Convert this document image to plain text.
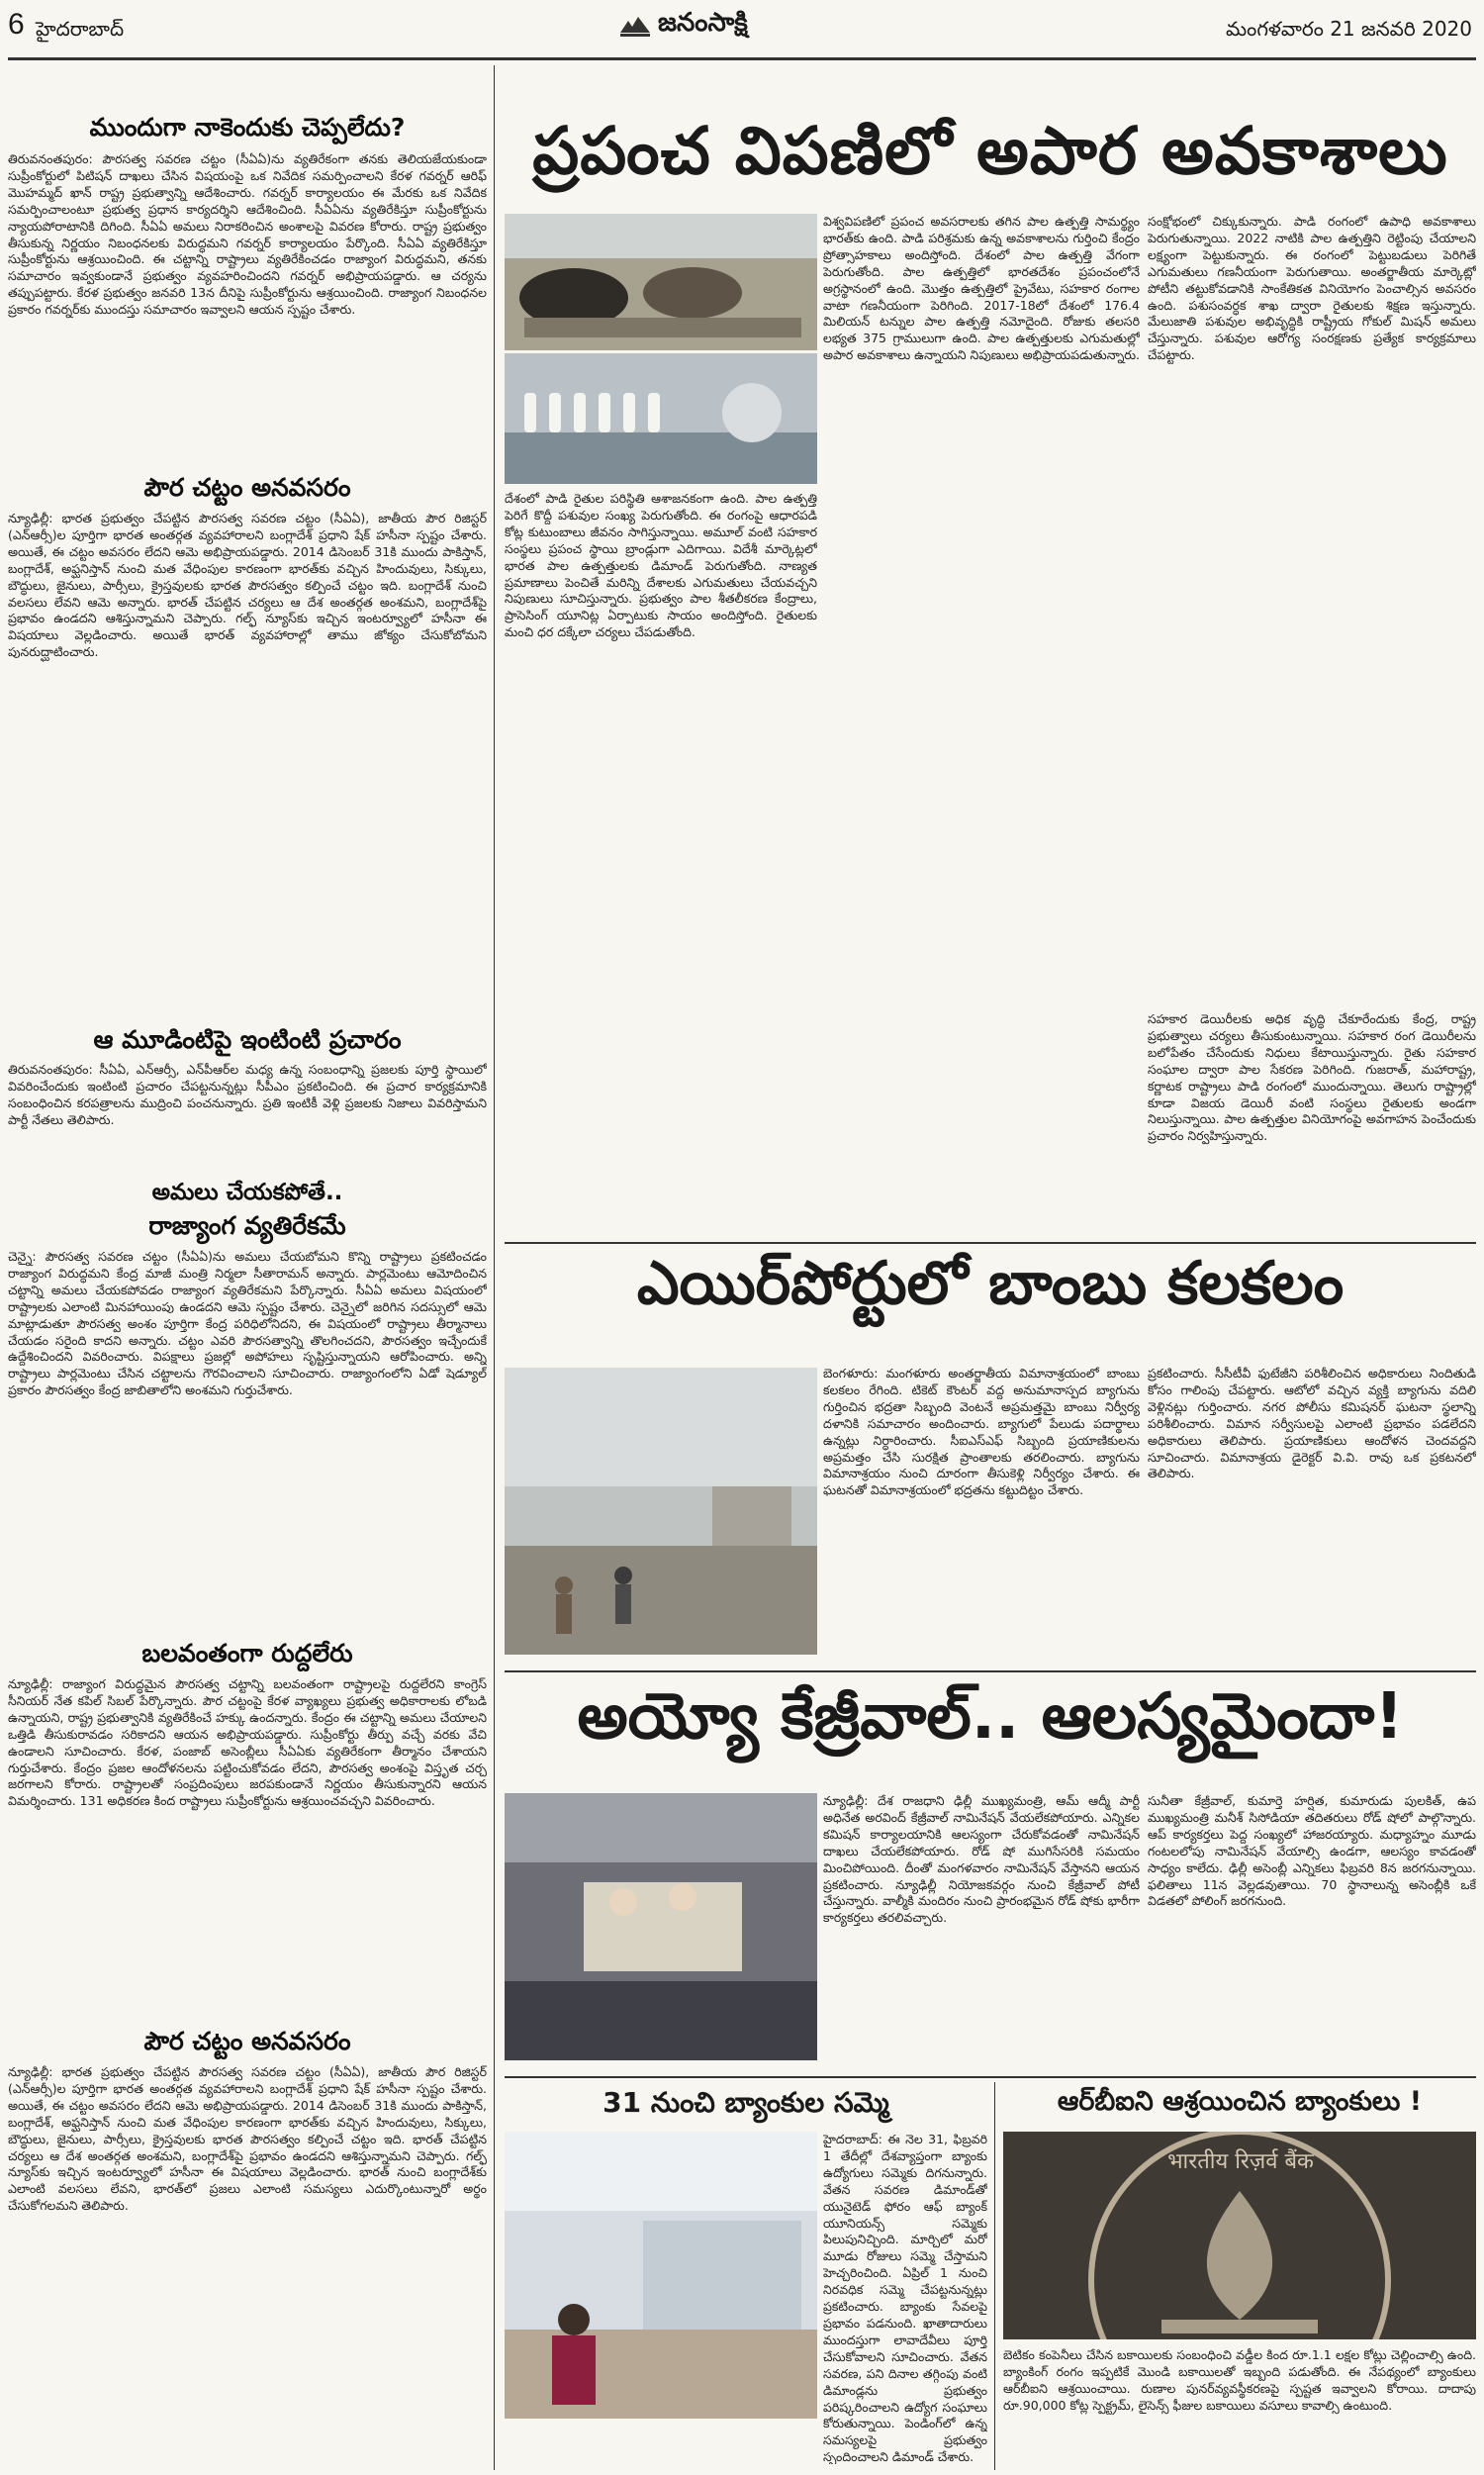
6 హైదరాబాద్	జనంసాక్షి	మంగళవారం 21 జనవరి 2020
ముందుగా నాకెందుకు చెప్పలేదు?
తిరువనంతపురం: పౌరసత్వ సవరణ చట్టం (సీఏఏ)ను వ్యతిరేకంగా తనకు తెలియజేయకుండా సుప్రీంకోర్టులో పిటిషన్ దాఖలు చేసిన విషయంపై ఒక నివేదిక సమర్పించాలని కేరళ గవర్నర్ ఆరిఫ్ మొహమ్మద్ ఖాన్ రాష్ట్ర ప్రభుత్వాన్ని ఆదేశించారు. గవర్నర్ కార్యాలయం ఈ మేరకు ఒక నివేదిక సమర్పించాలంటూ ప్రభుత్వ ప్రధాన కార్యదర్శిని ఆదేశించింది. సీఏఏను వ్యతిరేకిస్తూ సుప్రీంకోర్టును న్యాయపోరాటానికి దిగింది. సీఏఏ అమలు నిరాకరించిన అంశాలపై వివరణ కోరారు. రాష్ట్ర ప్రభుత్వం తీసుకున్న నిర్ణయం నిబంధనలకు విరుద్ధమని గవర్నర్ కార్యాలయం పేర్కొంది. సీఏఏ వ్యతిరేకిస్తూ సుప్రీంకోర్టును ఆశ్రయించింది. ఈ చట్టాన్ని రాష్ట్రాలు వ్యతిరేకించడం రాజ్యాంగ విరుద్ధమని, తనకు సమాచారం ఇవ్వకుండానే ప్రభుత్వం వ్యవహరించిందని గవర్నర్ అభిప్రాయపడ్డారు. ఆ చర్యను తప్పుపట్టారు. కేరళ ప్రభుత్వం జనవరి 13న దీనిపై సుప్రీంకోర్టును ఆశ్రయించింది. రాజ్యాంగ నిబంధనల ప్రకారం గవర్నర్‌కు ముందస్తు సమాచారం ఇవ్వాలని ఆయన స్పష్టం చేశారు.
పౌర చట్టం అనవసరం
న్యూఢిల్లీ: భారత ప్రభుత్వం చేపట్టిన పౌరసత్వ సవరణ చట్టం (సీఏఏ), జాతీయ పౌర రిజిస్టర్ (ఎన్ఆర్సీ)ల పూర్తిగా భారత అంతర్గత వ్యవహారాలని బంగ్లాదేశ్ ప్రధాని షేక్ హసీనా స్పష్టం చేశారు. అయితే, ఈ చట్టం అవసరం లేదని ఆమె అభిప్రాయపడ్డారు. 2014 డిసెంబర్ 31కి ముందు పాకిస్తాన్, బంగ్లాదేశ్, అఫ్ఘనిస్తాన్ నుంచి మత వేధింపుల కారణంగా భారత్‌కు వచ్చిన హిందువులు, సిక్కులు, బౌద్ధులు, జైనులు, పార్సీలు, క్రైస్తవులకు భారత పౌరసత్వం కల్పించే చట్టం ఇది. బంగ్లాదేశ్ నుంచి వలసలు లేవని ఆమె అన్నారు. భారత్ చేపట్టిన చర్యలు ఆ దేశ అంతర్గత అంశమని, బంగ్లాదేశ్‌పై ప్రభావం ఉండదని ఆశిస్తున్నామని చెప్పారు. గల్ఫ్ న్యూస్‌కు ఇచ్చిన ఇంటర్వ్యూలో హసీనా ఈ విషయాలు వెల్లడించారు. అయితే భారత్ వ్యవహారాల్లో తాము జోక్యం చేసుకోబోమని పునరుద్ఘాటించారు.
ఆ మూడింటిపై ఇంటింటి ప్రచారం
తిరువనంతపురం: సీఏఏ, ఎన్ఆర్సీ, ఎన్‌పీఆర్‌ల మధ్య ఉన్న సంబంధాన్ని ప్రజలకు పూర్తి స్థాయిలో వివరించేందుకు ఇంటింటి ప్రచారం చేపట్టనున్నట్లు సీపీఎం ప్రకటించింది. ఈ ప్రచార కార్యక్రమానికి సంబంధించిన కరపత్రాలను ముద్రించి పంచనున్నారు. ప్రతి ఇంటికీ వెళ్లి ప్రజలకు నిజాలు వివరిస్తామని పార్టీ నేతలు తెలిపారు.
అమలు చేయకపోతే..
రాజ్యాంగ వ్యతిరేకమే
చెన్నై: పౌరసత్వ సవరణ చట్టం (సీఏఏ)ను అమలు చేయబోమని కొన్ని రాష్ట్రాలు ప్రకటించడం రాజ్యాంగ విరుద్ధమని కేంద్ర మాజీ మంత్రి నిర్మలా సీతారామన్ అన్నారు. పార్లమెంటు ఆమోదించిన చట్టాన్ని అమలు చేయకపోవడం రాజ్యాంగ వ్యతిరేకమని పేర్కొన్నారు. సీఏఏ అమలు విషయంలో రాష్ట్రాలకు ఎలాంటి మినహాయింపు ఉండదని ఆమె స్పష్టం చేశారు. చెన్నైలో జరిగిన సదస్సులో ఆమె మాట్లాడుతూ పౌరసత్వ అంశం పూర్తిగా కేంద్ర పరిధిలోనిదని, ఈ విషయంలో రాష్ట్రాలు తీర్మానాలు చేయడం సరైంది కాదని అన్నారు. చట్టం ఎవరి పౌరసత్వాన్ని తొలగించదని, పౌరసత్వం ఇచ్చేందుకే ఉద్దేశించిందని వివరించారు. విపక్షాలు ప్రజల్లో అపోహలు సృష్టిస్తున్నాయని ఆరోపించారు. అన్ని రాష్ట్రాలు పార్లమెంటు చేసిన చట్టాలను గౌరవించాలని సూచించారు. రాజ్యాంగంలోని ఏడో షెడ్యూల్ ప్రకారం పౌరసత్వం కేంద్ర జాబితాలోని అంశమని గుర్తుచేశారు.
బలవంతంగా రుద్దలేరు
న్యూఢిల్లీ: రాజ్యాంగ విరుద్ధమైన పౌరసత్వ చట్టాన్ని బలవంతంగా రాష్ట్రాలపై రుద్దలేరని కాంగ్రెస్ సీనియర్ నేత కపిల్ సిబల్ పేర్కొన్నారు. పౌర చట్టంపై కేరళ వ్యాఖ్యలు ప్రభుత్వ అధికారాలకు లోబడి ఉన్నాయని, రాష్ట్ర ప్రభుత్వానికి వ్యతిరేకించే హక్కు ఉందన్నారు. కేంద్రం ఈ చట్టాన్ని అమలు చేయాలని ఒత్తిడి తీసుకురావడం సరికాదని ఆయన అభిప్రాయపడ్డారు. సుప్రీంకోర్టు తీర్పు వచ్చే వరకు వేచి ఉండాలని సూచించారు. కేరళ, పంజాబ్ అసెంబ్లీలు సీఏఏకు వ్యతిరేకంగా తీర్మానం చేశాయని గుర్తుచేశారు. కేంద్రం ప్రజల ఆందోళనలను పట్టించుకోవడం లేదని, పౌరసత్వ అంశంపై విస్తృత చర్చ జరగాలని కోరారు. రాష్ట్రాలతో సంప్రదింపులు జరపకుండానే నిర్ణయం తీసుకున్నారని ఆయన విమర్శించారు. 131 అధికరణ కింద రాష్ట్రాలు సుప్రీంకోర్టును ఆశ్రయించవచ్చని వివరించారు.
పౌర చట్టం అనవసరం
న్యూఢిల్లీ: భారత ప్రభుత్వం చేపట్టిన పౌరసత్వ సవరణ చట్టం (సీఏఏ), జాతీయ పౌర రిజిస్టర్ (ఎన్ఆర్సీ)ల పూర్తిగా భారత అంతర్గత వ్యవహారాలని బంగ్లాదేశ్ ప్రధాని షేక్ హసీనా స్పష్టం చేశారు. అయితే, ఈ చట్టం అవసరం లేదని ఆమె అభిప్రాయపడ్డారు. 2014 డిసెంబర్ 31కి ముందు పాకిస్తాన్, బంగ్లాదేశ్, అఫ్ఘనిస్తాన్ నుంచి మత వేధింపుల కారణంగా భారత్‌కు వచ్చిన హిందువులు, సిక్కులు, బౌద్ధులు, జైనులు, పార్సీలు, క్రైస్తవులకు భారత పౌరసత్వం కల్పించే చట్టం ఇది. భారత్ చేపట్టిన చర్యలు ఆ దేశ అంతర్గత అంశమని, బంగ్లాదేశ్‌పై ప్రభావం ఉండదని ఆశిస్తున్నామని చెప్పారు. గల్ఫ్ న్యూస్‌కు ఇచ్చిన ఇంటర్వ్యూలో హసీనా ఈ విషయాలు వెల్లడించారు. భారత్ నుంచి బంగ్లాదేశ్‌కు ఎలాంటి వలసలు లేవని, భారత్‌లో ప్రజలు ఎలాంటి సమస్యలు ఎదుర్కొంటున్నారో అర్థం చేసుకోగలమని తెలిపారు.
ప్రపంచ విపణిలో అపార అవకాశాలు
విశ్వవిపణిలో ప్రపంచ అవసరాలకు తగిన పాల ఉత్పత్తి సామర్థ్యం భారత్‌కు ఉంది. పాడి పరిశ్రమకు ఉన్న అవకాశాలను గుర్తించి కేంద్రం ప్రోత్సాహకాలు అందిస్తోంది. దేశంలో పాల ఉత్పత్తి వేగంగా పెరుగుతోంది. పాల ఉత్పత్తిలో భారతదేశం ప్రపంచంలోనే అగ్రస్థానంలో ఉంది. మొత్తం ఉత్పత్తిలో ప్రైవేటు, సహకార రంగాల వాటా గణనీయంగా పెరిగింది. 2017-18లో దేశంలో 176.4 మిలియన్ టన్నుల పాల ఉత్పత్తి నమోదైంది. రోజుకు తలసరి లభ్యత 375 గ్రాములుగా ఉంది. పాల ఉత్పత్తులకు ఎగుమతుల్లో అపార అవకాశాలు ఉన్నాయని నిపుణులు అభిప్రాయపడుతున్నారు.
దేశంలో పాడి రైతుల పరిస్థితి ఆశాజనకంగా ఉంది. పాల ఉత్పత్తి పెరిగే కొద్దీ పశువుల సంఖ్య పెరుగుతోంది. ఈ రంగంపై ఆధారపడి కోట్ల కుటుంబాలు జీవనం సాగిస్తున్నాయి. అమూల్ వంటి సహకార సంస్థలు ప్రపంచ స్థాయి బ్రాండ్లుగా ఎదిగాయి. విదేశీ మార్కెట్లలో భారత పాల ఉత్పత్తులకు డిమాండ్ పెరుగుతోంది. నాణ్యత ప్రమాణాలు పెంచితే మరిన్ని దేశాలకు ఎగుమతులు చేయవచ్చని నిపుణులు సూచిస్తున్నారు. ప్రభుత్వం పాల శీతలీకరణ కేంద్రాలు, ప్రాసెసింగ్ యూనిట్ల ఏర్పాటుకు సాయం అందిస్తోంది. రైతులకు మంచి ధర దక్కేలా చర్యలు చేపడుతోంది.
సంక్షోభంలో చిక్కుకున్నారు. పాడి రంగంలో ఉపాధి అవకాశాలు పెరుగుతున్నాయి. 2022 నాటికి పాల ఉత్పత్తిని రెట్టింపు చేయాలని లక్ష్యంగా పెట్టుకున్నారు. ఈ రంగంలో పెట్టుబడులు పెరిగితే ఎగుమతులు గణనీయంగా పెరుగుతాయి. అంతర్జాతీయ మార్కెట్లో పోటీని తట్టుకోవడానికి సాంకేతికత వినియోగం పెంచాల్సిన అవసరం ఉంది. పశుసంవర్ధక శాఖ ద్వారా రైతులకు శిక్షణ ఇస్తున్నారు. మేలుజాతి పశువుల అభివృద్ధికి రాష్ట్రీయ గోకుల్ మిషన్ అమలు చేస్తున్నారు. పశువుల ఆరోగ్య సంరక్షణకు ప్రత్యేక కార్యక్రమాలు చేపట్టారు.
సహకార డెయిరీలకు అధిక వృద్ధి చేకూరేందుకు కేంద్ర, రాష్ట్ర ప్రభుత్వాలు చర్యలు తీసుకుంటున్నాయి. సహకార రంగ డెయిరీలను బలోపేతం చేసేందుకు నిధులు కేటాయిస్తున్నారు. రైతు సహకార సంఘాల ద్వారా పాల సేకరణ పెరిగింది. గుజరాత్, మహారాష్ట్ర, కర్ణాటక రాష్ట్రాలు పాడి రంగంలో ముందున్నాయి. తెలుగు రాష్ట్రాల్లో కూడా విజయ డెయిరీ వంటి సంస్థలు రైతులకు అండగా నిలుస్తున్నాయి. పాల ఉత్పత్తుల వినియోగంపై అవగాహన పెంచేందుకు ప్రచారం నిర్వహిస్తున్నారు.
ఎయిర్‌పోర్టులో బాంబు కలకలం
బెంగళూరు: మంగళూరు అంతర్జాతీయ విమానాశ్రయంలో బాంబు కలకలం రేగింది. టికెట్ కౌంటర్ వద్ద అనుమానాస్పద బ్యాగును గుర్తించిన భద్రతా సిబ్బంది వెంటనే అప్రమత్తమై బాంబు నిర్వీర్య దళానికి సమాచారం అందించారు. బ్యాగులో పేలుడు పదార్థాలు ఉన్నట్లు నిర్ధారించారు. సీఐఎస్ఎఫ్ సిబ్బంది ప్రయాణికులను అప్రమత్తం చేసి సురక్షిత ప్రాంతాలకు తరలించారు. బ్యాగును విమానాశ్రయం నుంచి దూరంగా తీసుకెళ్లి నిర్వీర్యం చేశారు. ఈ ఘటనతో విమానాశ్రయంలో భద్రతను కట్టుదిట్టం చేశారు.
ప్రకటించారు. సీసీటీవీ ఫుటేజీని పరిశీలించిన అధికారులు నిందితుడి కోసం గాలింపు చేపట్టారు. ఆటోలో వచ్చిన వ్యక్తి బ్యాగును వదిలి వెళ్లినట్లు గుర్తించారు. నగర పోలీసు కమిషనర్ ఘటనా స్థలాన్ని పరిశీలించారు. విమాన సర్వీసులపై ఎలాంటి ప్రభావం పడలేదని అధికారులు తెలిపారు. ప్రయాణికులు ఆందోళన చెందవద్దని సూచించారు. విమానాశ్రయ డైరెక్టర్ వి.వి. రావు ఒక ప్రకటనలో తెలిపారు.
అయ్యో కేజ్రీవాల్.. ఆలస్యమైందా!
న్యూఢిల్లీ: దేశ రాజధాని ఢిల్లీ ముఖ్యమంత్రి, ఆమ్ ఆద్మీ పార్టీ అధినేత అరవింద్ కేజ్రీవాల్ నామినేషన్ వేయలేకపోయారు. ఎన్నికల కమిషన్ కార్యాలయానికి ఆలస్యంగా చేరుకోవడంతో నామినేషన్ దాఖలు చేయలేకపోయారు. రోడ్ షో ముగిసేసరికి సమయం మించిపోయింది. దీంతో మంగళవారం నామినేషన్ వేస్తానని ఆయన ప్రకటించారు. న్యూఢిల్లీ నియోజకవర్గం నుంచి కేజ్రీవాల్ పోటీ చేస్తున్నారు. వాల్మీకి మందిరం నుంచి ప్రారంభమైన రోడ్ షోకు భారీగా కార్యకర్తలు తరలివచ్చారు.
సునీతా కేజ్రీవాల్, కుమార్తె హర్షిత, కుమారుడు పులకిత్, ఉప ముఖ్యమంత్రి మనీశ్ సిసోడియా తదితరులు రోడ్ షోలో పాల్గొన్నారు. ఆప్ కార్యకర్తలు పెద్ద సంఖ్యలో హాజరయ్యారు. మధ్యాహ్నం మూడు గంటలలోపు నామినేషన్ వేయాల్సి ఉండగా, ఆలస్యం కావడంతో సాధ్యం కాలేదు. ఢిల్లీ అసెంబ్లీ ఎన్నికలు ఫిబ్రవరి 8న జరగనున్నాయి. ఫలితాలు 11న వెల్లడవుతాయి. 70 స్థానాలున్న అసెంబ్లీకి ఒకే విడతలో పోలింగ్ జరగనుంది.
31 నుంచి బ్యాంకుల సమ్మె
హైదరాబాద్: ఈ నెల 31, ఫిబ్రవరి 1 తేదీల్లో దేశవ్యాప్తంగా బ్యాంకు ఉద్యోగులు సమ్మెకు దిగనున్నారు. వేతన సవరణ డిమాండ్‌తో యునైటెడ్ ఫోరం ఆఫ్ బ్యాంక్ యూనియన్స్ సమ్మెకు పిలుపునిచ్చింది. మార్చిలో మరో మూడు రోజులు సమ్మె చేస్తామని హెచ్చరించింది. ఏప్రిల్ 1 నుంచి నిరవధిక సమ్మె చేపట్టనున్నట్లు ప్రకటించారు. బ్యాంకు సేవలపై ప్రభావం పడనుంది. ఖాతాదారులు ముందస్తుగా లావాదేవీలు పూర్తి చేసుకోవాలని సూచించారు. వేతన సవరణ, పని దినాల తగ్గింపు వంటి డిమాండ్లను ప్రభుత్వం పరిష్కరించాలని ఉద్యోగ సంఘాలు కోరుతున్నాయి. పెండింగ్‌లో ఉన్న సమస్యలపై ప్రభుత్వం స్పందించాలని డిమాండ్ చేశారు.
ఆర్‌బీఐని ఆశ్రయించిన బ్యాంకులు !
भारतीय रिज़र्व बैंक
బెటికం కంపెనీలు చేసిన బకాయిలకు సంబంధించి వడ్డీల కింద రూ.1.1 లక్షల కోట్లు చెల్లించాల్సి ఉంది. బ్యాంకింగ్ రంగం ఇప్పటికే మొండి బకాయిలతో ఇబ్బంది పడుతోంది. ఈ నేపథ్యంలో బ్యాంకులు ఆర్‌బీఐని ఆశ్రయించాయి. రుణాల పునర్‌వ్యవస్థీకరణపై స్పష్టత ఇవ్వాలని కోరాయి. దాదాపు రూ.90,000 కోట్ల స్పెక్ట్రమ్, లైసెన్స్ ఫీజుల బకాయిలు వసూలు కావాల్సి ఉంటుంది.
